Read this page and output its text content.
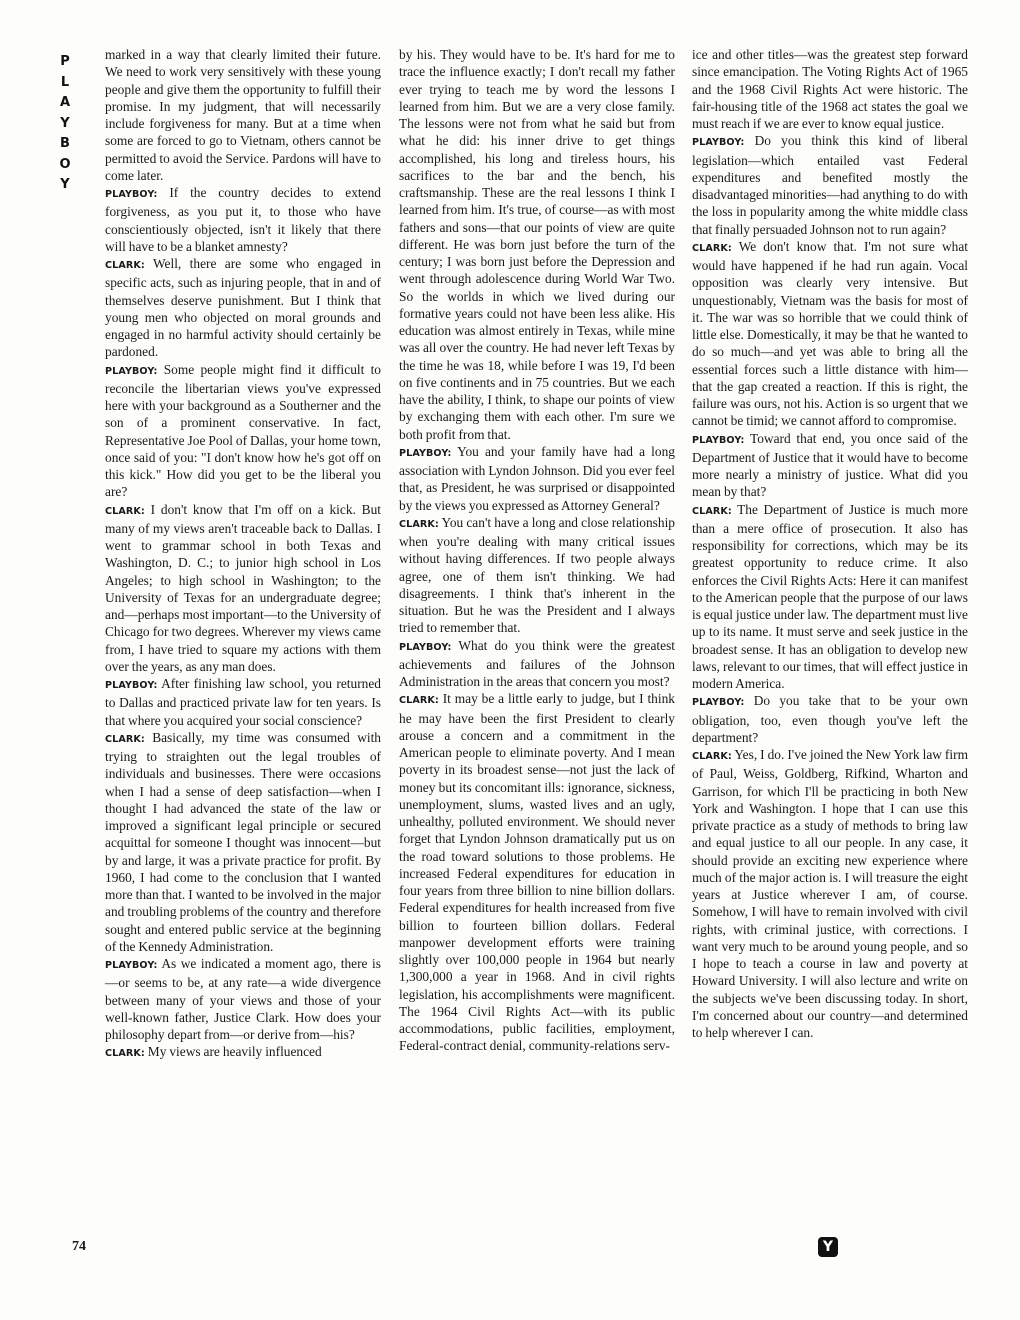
P
L
A
Y
B
O
Y

marked in a way that clearly limited their future. We need to work very sensitively with these young people and give them the opportunity to fulfill their promise. In my judgment, that will necessarily include forgiveness for many. But at a time when some are forced to go to Vietnam, others cannot be permitted to avoid the Service. Pardons will have to come later.

PLAYBOY: If the country decides to extend forgiveness, as you put it, to those who have conscientiously objected, isn't it likely that there will have to be a blanket amnesty?

CLARK: Well, there are some who engaged in specific acts, such as injuring people, that in and of themselves deserve punishment. But I think that young men who objected on moral grounds and engaged in no harmful activity should certainly be pardoned.

PLAYBOY: Some people might find it difficult to reconcile the libertarian views you've expressed here with your background as a Southerner and the son of a prominent conservative. In fact, Representative Joe Pool of Dallas, your home town, once said of you: "I don't know how he's got off on this kick." How did you get to be the liberal you are?

CLARK: I don't know that I'm off on a kick. But many of my views aren't traceable back to Dallas. I went to grammar school in both Texas and Washington, D. C.; to junior high school in Los Angeles; to high school in Washington; to the University of Texas for an undergraduate degree; and—perhaps most important—to the University of Chicago for two degrees. Wherever my views came from, I have tried to square my actions with them over the years, as any man does.

PLAYBOY: After finishing law school, you returned to Dallas and practiced private law for ten years. Is that where you acquired your social conscience?

CLARK: Basically, my time was consumed with trying to straighten out the legal troubles of individuals and businesses. There were occasions when I had a sense of deep satisfaction—when I thought I had advanced the state of the law or improved a significant legal principle or secured acquittal for someone I thought was innocent—but by and large, it was a private practice for profit. By 1960, I had come to the conclusion that I wanted more than that. I wanted to be involved in the major and troubling problems of the country and therefore sought and entered public service at the beginning of the Kennedy Administration.

PLAYBOY: As we indicated a moment ago, there is—or seems to be, at any rate—a wide divergence between many of your views and those of your well-known father, Justice Clark. How does your philosophy depart from—or derive from—his?

CLARK: My views are heavily influenced

by his. They would have to be. It's hard for me to trace the influence exactly; I don't recall my father ever trying to teach me by word the lessons I learned from him. But we are a very close family. The lessons were not from what he said but from what he did: his inner drive to get things accomplished, his long and tireless hours, his sacrifices to the bar and the bench, his craftsmanship. These are the real lessons I think I learned from him. It's true, of course—as with most fathers and sons—that our points of view are quite different. He was born just before the turn of the century; I was born just before the Depression and went through adolescence during World War Two. So the worlds in which we lived during our formative years could not have been less alike. His education was almost entirely in Texas, while mine was all over the country. He had never left Texas by the time he was 18, while before I was 19, I'd been on five continents and in 75 countries. But we each have the ability, I think, to shape our points of view by exchanging them with each other. I'm sure we both profit from that.

PLAYBOY: You and your family have had a long association with Lyndon Johnson. Did you ever feel that, as President, he was surprised or disappointed by the views you expressed as Attorney General?

CLARK: You can't have a long and close relationship when you're dealing with many critical issues without having differences. If two people always agree, one of them isn't thinking. We had disagreements. I think that's inherent in the situation. But he was the President and I always tried to remember that.

PLAYBOY: What do you think were the greatest achievements and failures of the Johnson Administration in the areas that concern you most?

CLARK: It may be a little early to judge, but I think he may have been the first President to clearly arouse a concern and a commitment in the American people to eliminate poverty. And I mean poverty in its broadest sense—not just the lack of money but its concomitant ills: ignorance, sickness, unemployment, slums, wasted lives and an ugly, unhealthy, polluted environment. We should never forget that Lyndon Johnson dramatically put us on the road toward solutions to those problems. He increased Federal expenditures for education in four years from three billion to nine billion dollars. Federal expenditures for health increased from five billion to fourteen billion dollars. Federal manpower development efforts were training slightly over 100,000 people in 1964 but nearly 1,300,000 a year in 1968. And in civil rights legislation, his accomplishments were magnificent. The 1964 Civil Rights Act—with its public accommodations, public facilities, employment, Federal-contract denial, community-relations serv-

ice and other titles—was the greatest step forward since emancipation. The Voting Rights Act of 1965 and the 1968 Civil Rights Act were historic. The fair-housing title of the 1968 act states the goal we must reach if we are ever to know equal justice.

PLAYBOY: Do you think this kind of liberal legislation—which entailed vast Federal expenditures and benefited mostly the disadvantaged minorities—had anything to do with the loss in popularity among the white middle class that finally persuaded Johnson not to run again?

CLARK: We don't know that. I'm not sure what would have happened if he had run again. Vocal opposition was clearly very intensive. But unquestionably, Vietnam was the basis for most of it. The war was so horrible that we could think of little else. Domestically, it may be that he wanted to do so much—and yet was able to bring all the essential forces such a little distance with him—that the gap created a reaction. If this is right, the failure was ours, not his. Action is so urgent that we cannot be timid; we cannot afford to compromise.

PLAYBOY: Toward that end, you once said of the Department of Justice that it would have to become more nearly a ministry of justice. What did you mean by that?

CLARK: The Department of Justice is much more than a mere office of prosecution. It also has responsibility for corrections, which may be its greatest opportunity to reduce crime. It also enforces the Civil Rights Acts: Here it can manifest to the American people that the purpose of our laws is equal justice under law. The department must live up to its name. It must serve and seek justice in the broadest sense. It has an obligation to develop new laws, relevant to our times, that will effect justice in modern America.

PLAYBOY: Do you take that to be your own obligation, too, even though you've left the department?

CLARK: Yes, I do. I've joined the New York law firm of Paul, Weiss, Goldberg, Rifkind, Wharton and Garrison, for which I'll be practicing in both New York and Washington. I hope that I can use this private practice as a study of methods to bring law and equal justice to all our people. In any case, it should provide an exciting new experience where much of the major action is. I will treasure the eight years at Justice wherever I am, of course. Somehow, I will have to remain involved with civil rights, with criminal justice, with corrections. I want very much to be around young people, and so I hope to teach a course in law and poverty at Howard University. I will also lecture and write on the subjects we've been discussing today. In short, I'm concerned about our country—and determined to help wherever I can.

74	Y
